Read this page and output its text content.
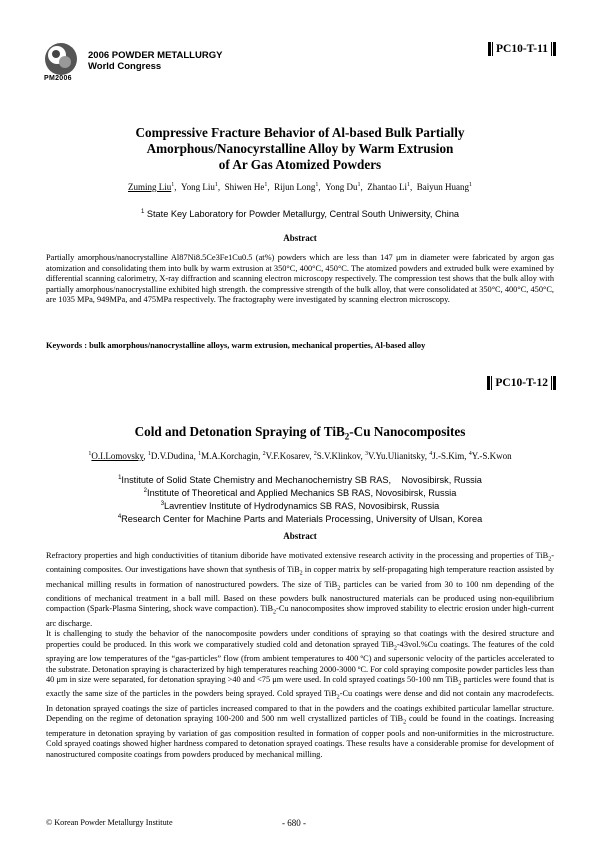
PM2006
2006 POWDER METALLURGY
World Congress
PC10-T-11
Compressive Fracture Behavior of Al-based Bulk Partially
Amorphous/Nanocyrstalline Alloy by Warm Extrusion
of Ar Gas Atomized Powders
Zuming Liu$^1$,  Yong Liu$^1$,  Shiwen He$^1$,  Rijun Long$^1$,  Yong Du$^1$,  Zhantao Li$^1$,  Baiyun Huang$^1$
$^1$ State Key Laboratory for Powder Metallurgy, Central South Uniwersity, China
Abstract
Partially amorphous/nanocrystalline Al87Ni8.5Ce3Fe1Cu0.5 (at%) powders which are less than 147 μm in diameter were fabricated by argon gas atomization and consolidating them into bulk by warm extrusion at 350°C, 400°C, 450°C. The atomized powders and extruded bulk were examined by differential scanning calorimetry, X-ray diffraction and scanning electron microscopy respectively. The compression test shows that the bulk alloy with partially amorphous/nanocrystalline exhibited high strength. the compressive strength of the bulk alloy, that were consolidated at 350°C, 400°C, 450°C, are 1035 MPa, 949MPa, and 475MPa respectively. The fractography were investigated by scanning electron microscopy.
Keywords : bulk amorphous/nanocrystalline alloys, warm extrusion, mechanical properties, Al-based alloy
PC10-T-12
Cold and Detonation Spraying of TiB$_2$-Cu Nanocomposites
$^1$O.I.Lomovsky, $^1$D.V.Dudina, $^1$M.A.Korchagin, $^2$V.F.Kosarev, $^2$S.V.Klinkov, $^3$V.Yu.Ulianitsky, $^4$J.-S.Kim, $^4$Y.-S.Kwon
$^1$Institute of Solid State Chemistry and Mechanochemistry SB RAS,    Novosibirsk, Russia
$^2$Institute of Theoretical and Applied Mechanics SB RAS, Novosibirsk, Russia
$^3$Lavrentiev Institute of Hydrodynamics SB RAS, Novosibirsk, Russia
$^4$Research Center for Machine Parts and Materials Processing, University of Ulsan, Korea
Abstract
Refractory properties and high conductivities of titanium diboride have motivated extensive research activity in the processing and properties of TiB$_2$-containing composites. Our investigations have shown that synthesis of TiB$_2$ in copper matrix by self-propagating high temperature reaction assisted by mechanical milling results in formation of nanostructured powders. The size of TiB$_2$ particles can be varied from 30 to 100 nm depending of the conditions of mechanical treatment in a ball mill. Based on these powders bulk nanostructured materials can be produced using non-equilibrium compaction (Spark-Plasma Sintering, shock wave compaction). TiB$_2$-Cu nanocomposites show improved stability to electric erosion under high-current arc discharge.
It is challenging to study the behavior of the nanocomposite powders under conditions of spraying so that coatings with the desired structure and properties could be produced. In this work we comparatively studied cold and detonation sprayed TiB$_2$-43vol.%Cu coatings. The features of the cold spraying are low temperatures of the “gas-particles” flow (from ambient temperatures to 400 ºC) and supersonic velocity of the particles accelerated to the substrate. Detonation spraying is characterized by high temperatures reaching 2000-3000 ºC. For cold spraying composite powder particles less than 40 μm in size were separated, for detonation spraying >40 and <75 μm were used. In cold sprayed coatings 50-100 nm TiB$_2$ particles were found that is exactly the same size of the particles in the powders being sprayed. Cold sprayed TiB$_2$-Cu coatings were dense and did not contain any macrodefects. In detonation sprayed coatings the size of particles increased compared to that in the powders and the coatings exhibited particular lamellar structure. Depending on the regime of detonation spraying 100-200 and 500 nm well crystallized particles of TiB$_2$ could be found in the coatings. Increasing temperature in detonation spraying by variation of gas composition resulted in formation of copper pools and non-uniformities in the microstructure. Cold sprayed coatings showed higher hardness compared to detonation sprayed coatings. These results have a considerable promise for development of nanostructured composite coatings from powders produced by mechanical milling.
© Korean Powder Metallurgy Institute	- 680 -
